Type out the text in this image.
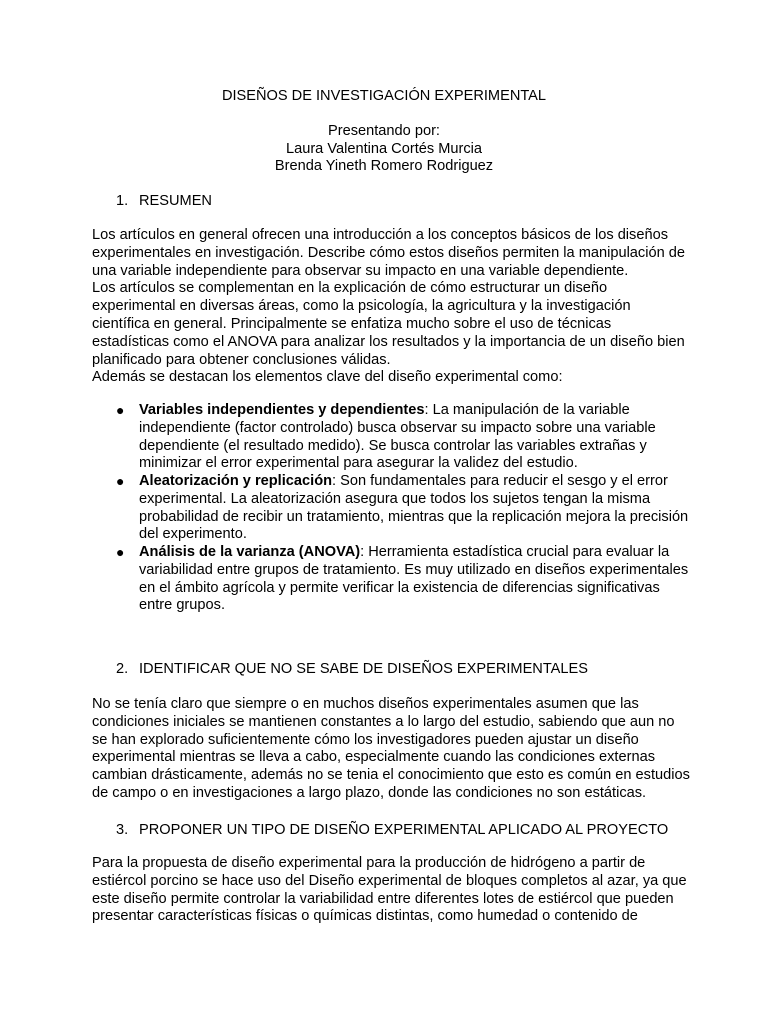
DISEÑOS DE INVESTIGACIÓN EXPERIMENTAL
Presentando por:
Laura Valentina Cortés Murcia
Brenda Yineth Romero Rodriguez
1. RESUMEN
Los artículos en general ofrecen una introducción a los conceptos básicos de los diseños
experimentales en investigación. Describe cómo estos diseños permiten la manipulación de
una variable independiente para observar su impacto en una variable dependiente.
Los artículos se complementan en la explicación de cómo estructurar un diseño
experimental en diversas áreas, como la psicología, la agricultura y la investigación
científica en general. Principalmente se enfatiza mucho sobre el uso de técnicas
estadísticas como el ANOVA para analizar los resultados y la importancia de un diseño bien
planificado para obtener conclusiones válidas.
Además se destacan los elementos clave del diseño experimental como:
● Variables independientes y dependientes: La manipulación de la variable
independiente (factor controlado) busca observar su impacto sobre una variable
dependiente (el resultado medido). Se busca controlar las variables extrañas y
minimizar el error experimental para asegurar la validez del estudio.
● Aleatorización y replicación: Son fundamentales para reducir el sesgo y el error
experimental. La aleatorización asegura que todos los sujetos tengan la misma
probabilidad de recibir un tratamiento, mientras que la replicación mejora la precisión
del experimento.
● Análisis de la varianza (ANOVA): Herramienta estadística crucial para evaluar la
variabilidad entre grupos de tratamiento. Es muy utilizado en diseños experimentales
en el ámbito agrícola y permite verificar la existencia de diferencias significativas
entre grupos.
2. IDENTIFICAR QUE NO SE SABE DE DISEÑOS EXPERIMENTALES
No se tenía claro que siempre o en muchos diseños experimentales asumen que las
condiciones iniciales se mantienen constantes a lo largo del estudio, sabiendo que aun no
se han explorado suficientemente cómo los investigadores pueden ajustar un diseño
experimental mientras se lleva a cabo, especialmente cuando las condiciones externas
cambian drásticamente, además no se tenia el conocimiento que esto es común en estudios
de campo o en investigaciones a largo plazo, donde las condiciones no son estáticas.
3. PROPONER UN TIPO DE DISEÑO EXPERIMENTAL APLICADO AL PROYECTO
Para la propuesta de diseño experimental para la producción de hidrógeno a partir de
estiércol porcino se hace uso del Diseño experimental de bloques completos al azar, ya que
este diseño permite controlar la variabilidad entre diferentes lotes de estiércol que pueden
presentar características físicas o químicas distintas, como humedad o contenido de
